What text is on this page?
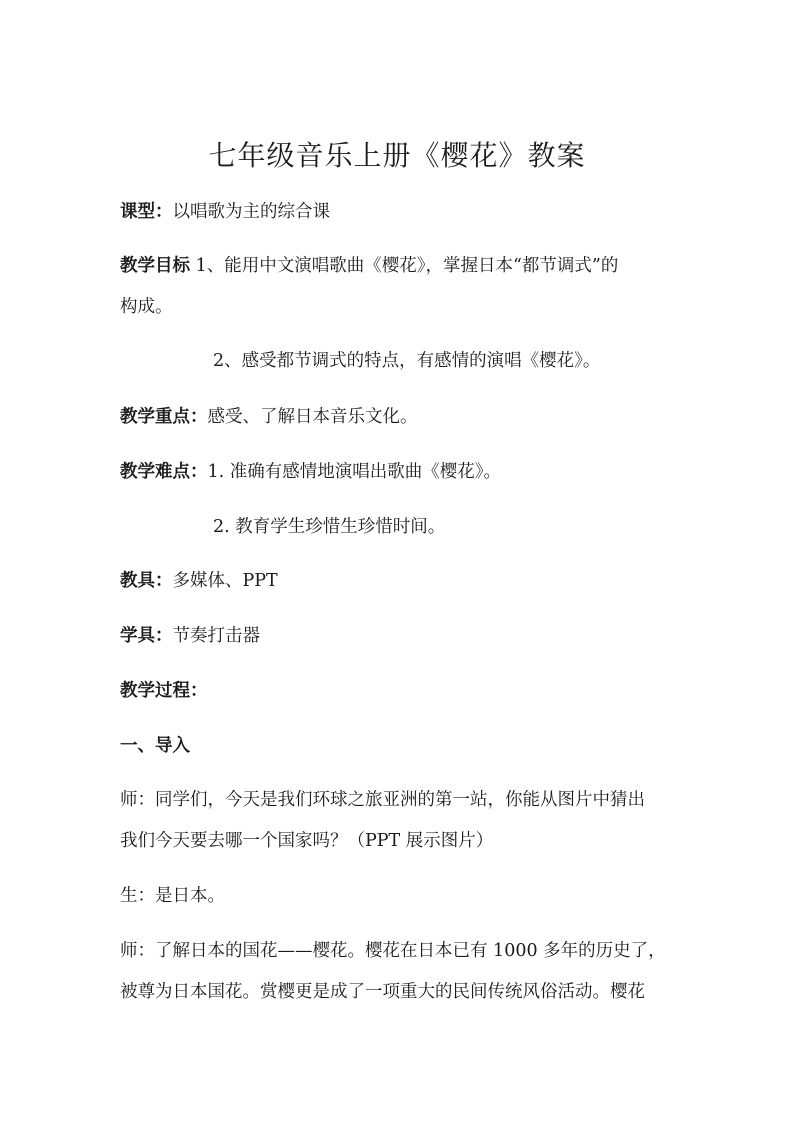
七年级音乐上册《樱花》教案
课型：以唱歌为主的综合课
教学目标 1、能用中文演唱歌曲《樱花》，掌握日本“都节调式”的
构成。
2、感受都节调式的特点，有感情的演唱《樱花》。
教学重点：感受、了解日本音乐文化。
教学难点：1. 准确有感情地演唱出歌曲《樱花》。
2. 教育学生珍惜生珍惜时间。
教具：多媒体、PPT
学具：节奏打击器
教学过程：
一、导入
师：同学们，今天是我们环球之旅亚洲的第一站，你能从图片中猜出
我们今天要去哪一个国家吗？（PPT 展示图片）
生：是日本。
师：了解日本的国花——樱花。樱花在日本已有 1000 多年的历史了，
被尊为日本国花。赏樱更是成了一项重大的民间传统风俗活动。樱花
